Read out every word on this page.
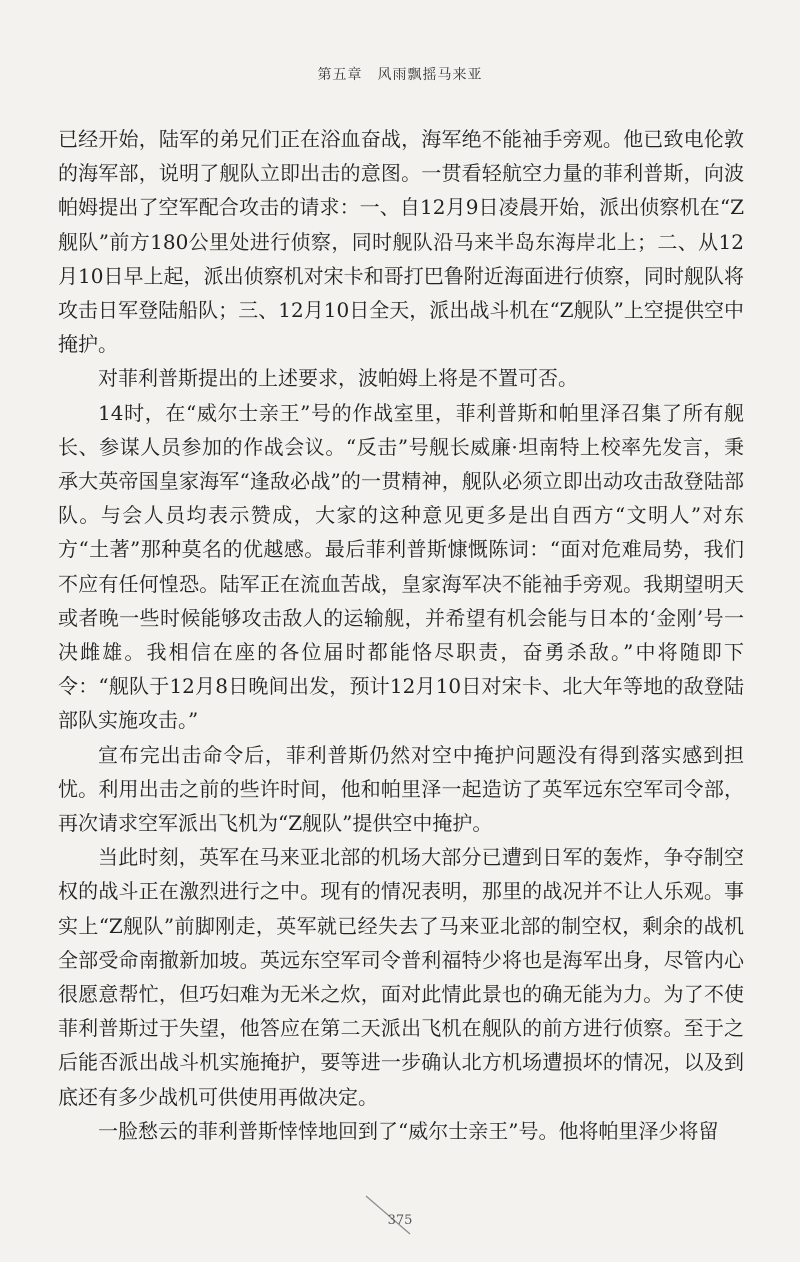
第五章　风雨飘摇马来亚

已经开始，陆军的弟兄们正在浴血奋战，海军绝不能袖手旁观。他已致电伦敦的海军部，说明了舰队立即出击的意图。一贯看轻航空力量的菲利普斯，向波帕姆提出了空军配合攻击的请求：一、自12月9日凌晨开始，派出侦察机在“Z舰队”前方180公里处进行侦察，同时舰队沿马来半岛东海岸北上；二、从12月10日早上起，派出侦察机对宋卡和哥打巴鲁附近海面进行侦察，同时舰队将攻击日军登陆船队；三、12月10日全天，派出战斗机在“Z舰队”上空提供空中掩护。

对菲利普斯提出的上述要求，波帕姆上将是不置可否。

14时，在“威尔士亲王”号的作战室里，菲利普斯和帕里泽召集了所有舰长、参谋人员参加的作战会议。“反击”号舰长威廉·坦南特上校率先发言，秉承大英帝国皇家海军“逢敌必战”的一贯精神，舰队必须立即出动攻击敌登陆部队。与会人员均表示赞成，大家的这种意见更多是出自西方“文明人”对东方“土著”那种莫名的优越感。最后菲利普斯慷慨陈词：“面对危难局势，我们不应有任何惶恐。陆军正在流血苦战，皇家海军决不能袖手旁观。我期望明天或者晚一些时候能够攻击敌人的运输舰，并希望有机会能与日本的‘金刚’号一决雌雄。我相信在座的各位届时都能恪尽职责，奋勇杀敌。”中将随即下令：“舰队于12月8日晚间出发，预计12月10日对宋卡、北大年等地的敌登陆部队实施攻击。”

宣布完出击命令后，菲利普斯仍然对空中掩护问题没有得到落实感到担忧。利用出击之前的些许时间，他和帕里泽一起造访了英军远东空军司令部，再次请求空军派出飞机为“Z舰队”提供空中掩护。

当此时刻，英军在马来亚北部的机场大部分已遭到日军的轰炸，争夺制空权的战斗正在激烈进行之中。现有的情况表明，那里的战况并不让人乐观。事实上“Z舰队”前脚刚走，英军就已经失去了马来亚北部的制空权，剩余的战机全部受命南撤新加坡。英远东空军司令普利福特少将也是海军出身，尽管内心很愿意帮忙，但巧妇难为无米之炊，面对此情此景也的确无能为力。为了不使菲利普斯过于失望，他答应在第二天派出飞机在舰队的前方进行侦察。至于之后能否派出战斗机实施掩护，要等进一步确认北方机场遭损坏的情况，以及到底还有多少战机可供使用再做决定。

一脸愁云的菲利普斯悻悻地回到了“威尔士亲王”号。他将帕里泽少将留

375
